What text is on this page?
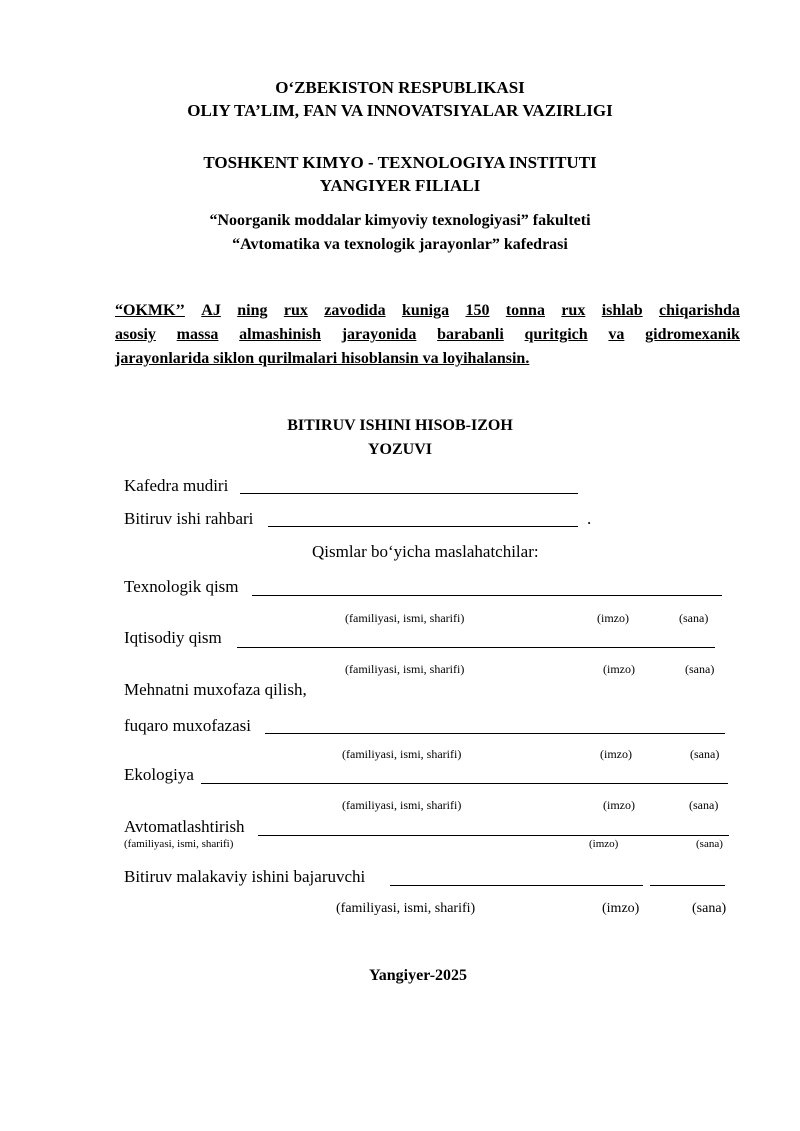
O‘ZBEKISTON RESPUBLIKASI
OLIY TA’LIM, FAN VA INNOVATSIYALAR VAZIRLIGI
TOSHKENT KIMYO - TEXNOLOGIYA INSTITUTI
YANGIYER FILIALI
“Noorganik moddalar kimyoviy texnologiyasi” fakulteti
“Avtomatika va texnologik jarayonlar” kafedrasi
“OKMK’’ AJ ning rux zavodida kuniga 150 tonna rux ishlab chiqarishda
asosiy massa almashinish jarayonida barabanli quritgich va gidromexanik
jarayonlarida siklon qurilmalari hisoblansin va loyihalansin.
BITIRUV ISHINI HISOB-IZOH
YOZUVI
Kafedra mudiri
Bitiruv ishi rahbari	.
Qismlar bo‘yicha maslahatchilar:
Texnologik qism
(familiyasi, ismi, sharifi)	(imzo)	(sana)
Iqtisodiy qism
(familiyasi, ismi, sharifi)	(imzo)	(sana)
Mehnatni muxofaza qilish,
fuqaro muxofazasi
(familiyasi, ismi, sharifi)	(imzo)	(sana)
Ekologiya
(familiyasi, ismi, sharifi)	(imzo)	(sana)
Avtomatlashtirish
(familiyasi, ismi, sharifi)	(imzo)	(sana)
Bitiruv malakaviy ishini bajaruvchi
(familiyasi, ismi, sharifi)	(imzo)	(sana)
Yangiyer-2025
